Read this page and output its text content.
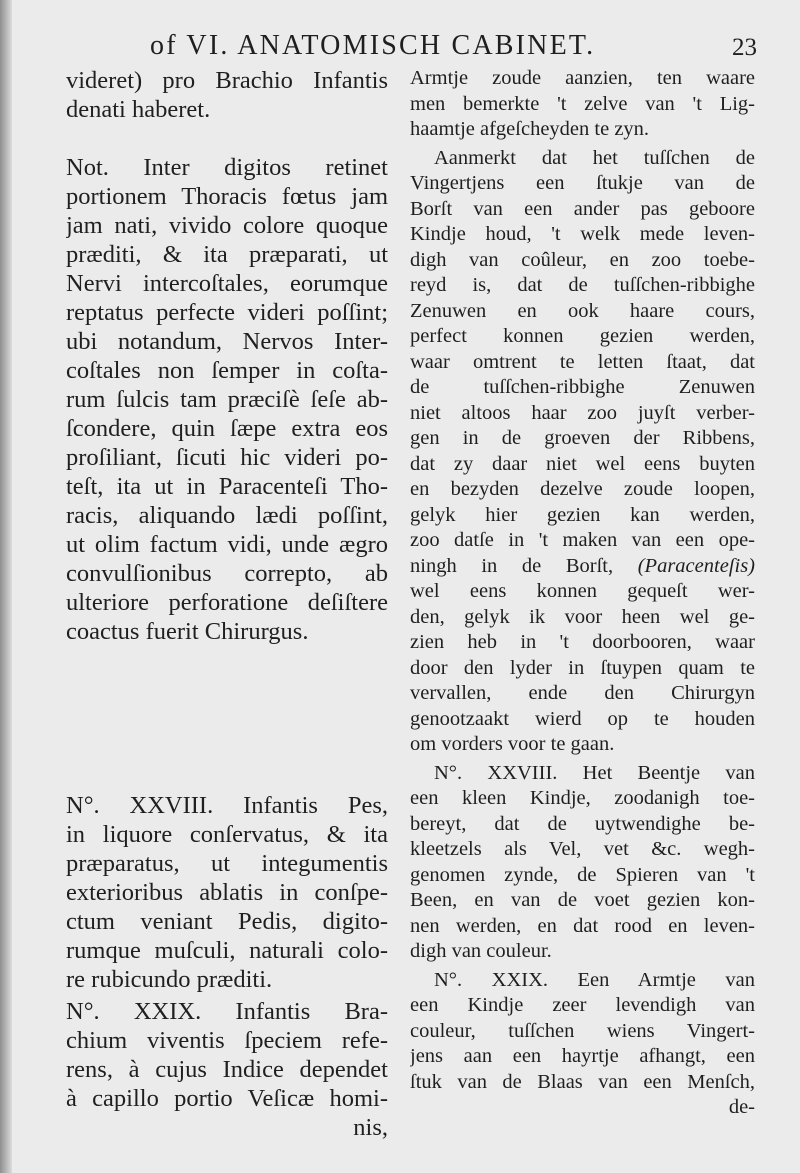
of VI. ANATOMISCH CABINET.	23
videret) pro Brachio Infantis
denati haberet.
Not. Inter digitos retinet
portionem Thoracis fœtus jam
jam nati, vivido colore quoque
præditi, & ita præparati, ut
Nervi intercoſtales, eorumque
reptatus perfecte videri poſſint;
ubi notandum, Nervos Inter-
coſtales non ſemper in coſta-
rum ſulcis tam præciſè ſeſe ab-
ſcondere, quin ſæpe extra eos
proſiliant, ſicuti hic videri po-
teſt, ita ut in Paracenteſi Tho-
racis, aliquando lædi poſſint,
ut olim factum vidi, unde ægro
convulſionibus correpto, ab
ulteriore perforatione deſiſtere
coactus fuerit Chirurgus.
N°. XXVIII. Infantis Pes,
in liquore conſervatus, & ita
præparatus, ut integumentis
exterioribus ablatis in conſpe-
ctum veniant Pedis, digito-
rumque muſculi, naturali colo-
re rubicundo præditi.
N°. XXIX. Infantis Bra-
chium viventis ſpeciem refe-
rens, à cujus Indice dependet
à capillo portio Veſicæ homi-
nis,
Armtje zoude aanzien, ten waare
men bemerkte 't zelve van 't Lig-
haamtje afgeſcheyden te zyn.
Aanmerkt dat het tuſſchen de
Vingertjens een ſtukje van de
Borſt van een ander pas geboore
Kindje houd, 't welk mede leven-
digh van coûleur, en zoo toebe-
reyd is, dat de tuſſchen-ribbighe
Zenuwen en ook haare cours,
perfect konnen gezien werden,
waar omtrent te letten ſtaat, dat
de tuſſchen-ribbighe Zenuwen
niet altoos haar zoo juyſt verber-
gen in de groeven der Ribbens,
dat zy daar niet wel eens buyten
en bezyden dezelve zoude loopen,
gelyk hier gezien kan werden,
zoo datſe in 't maken van een ope-
ningh in de Borſt, (Paracenteſis)
wel eens konnen gequeſt wer-
den, gelyk ik voor heen wel ge-
zien heb in 't doorbooren, waar
door den lyder in ſtuypen quam te
vervallen, ende den Chirurgyn
genootzaakt wierd op te houden
om vorders voor te gaan.
N°. XXVIII. Het Beentje van
een kleen Kindje, zoodanigh toe-
bereyt, dat de uytwendighe be-
kleetzels als Vel, vet &c. wegh-
genomen zynde, de Spieren van 't
Been, en van de voet gezien kon-
nen werden, en dat rood en leven-
digh van couleur.
N°. XXIX. Een Armtje van
een Kindje zeer levendigh van
couleur, tuſſchen wiens Vingert-
jens aan een hayrtje afhangt, een
ſtuk van de Blaas van een Menſch,
de-
